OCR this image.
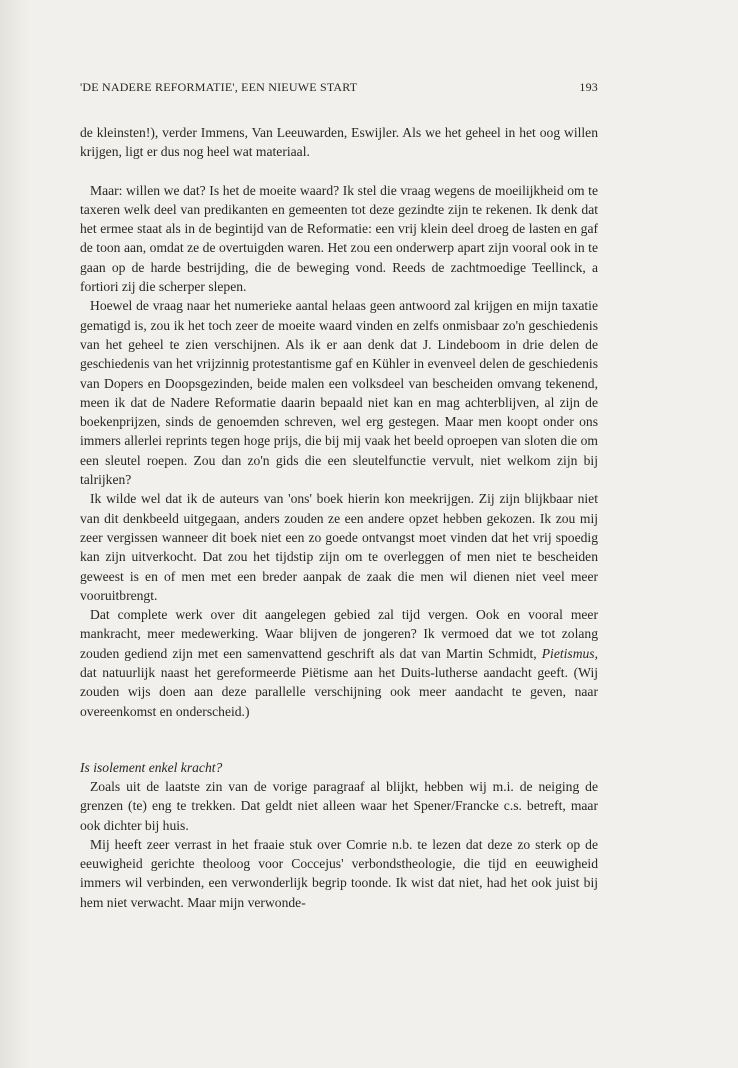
'DE NADERE REFORMATIE', EEN NIEUWE START	193

de kleinsten!), verder Immens, Van Leeuwarden, Eswijler. Als we het geheel in het oog willen krijgen, ligt er dus nog heel wat materiaal.

Maar: willen we dat? Is het de moeite waard? Ik stel die vraag wegens de moeilijkheid om te taxeren welk deel van predikanten en gemeenten tot deze gezindte zijn te rekenen. Ik denk dat het ermee staat als in de begintijd van de Reformatie: een vrij klein deel droeg de lasten en gaf de toon aan, omdat ze de overtuigden waren. Het zou een onderwerp apart zijn vooral ook in te gaan op de harde bestrijding, die de beweging vond. Reeds de zachtmoedige Teellinck, a fortiori zij die scherper slepen.

Hoewel de vraag naar het numerieke aantal helaas geen antwoord zal krijgen en mijn taxatie gematigd is, zou ik het toch zeer de moeite waard vinden en zelfs onmisbaar zo'n geschiedenis van het geheel te zien verschijnen. Als ik er aan denk dat J. Lindeboom in drie delen de geschiedenis van het vrijzinnig protestantisme gaf en Kühler in evenveel delen de geschiedenis van Dopers en Doopsgezinden, beide malen een volksdeel van bescheiden omvang tekenend, meen ik dat de Nadere Reformatie daarin bepaald niet kan en mag achterblijven, al zijn de boekenprijzen, sinds de genoemden schreven, wel erg gestegen. Maar men koopt onder ons immers allerlei reprints tegen hoge prijs, die bij mij vaak het beeld oproepen van sloten die om een sleutel roepen. Zou dan zo'n gids die een sleutelfunctie vervult, niet welkom zijn bij talrijken?

Ik wilde wel dat ik de auteurs van 'ons' boek hierin kon meekrijgen. Zij zijn blijkbaar niet van dit denkbeeld uitgegaan, anders zouden ze een andere opzet hebben gekozen. Ik zou mij zeer vergissen wanneer dit boek niet een zo goede ontvangst moet vinden dat het vrij spoedig kan zijn uitverkocht. Dat zou het tijdstip zijn om te overleggen of men niet te bescheiden geweest is en of men met een breder aanpak de zaak die men wil dienen niet veel meer vooruitbrengt.

Dat complete werk over dit aangelegen gebied zal tijd vergen. Ook en vooral meer mankracht, meer medewerking. Waar blijven de jongeren? Ik vermoed dat we tot zolang zouden gediend zijn met een samenvattend geschrift als dat van Martin Schmidt, Pietismus, dat natuurlijk naast het gereformeerde Piëtisme aan het Duits-lutherse aandacht geeft. (Wij zouden wijs doen aan deze parallelle verschijning ook meer aandacht te geven, naar overeenkomst en onderscheid.)

Is isolement enkel kracht?

Zoals uit de laatste zin van de vorige paragraaf al blijkt, hebben wij m.i. de neiging de grenzen (te) eng te trekken. Dat geldt niet alleen waar het Spener/Francke c.s. betreft, maar ook dichter bij huis.

Mij heeft zeer verrast in het fraaie stuk over Comrie n.b. te lezen dat deze zo sterk op de eeuwigheid gerichte theoloog voor Coccejus' verbondstheologie, die tijd en eeuwigheid immers wil verbinden, een verwonderlijk begrip toonde. Ik wist dat niet, had het ook juist bij hem niet verwacht. Maar mijn verwonde-
